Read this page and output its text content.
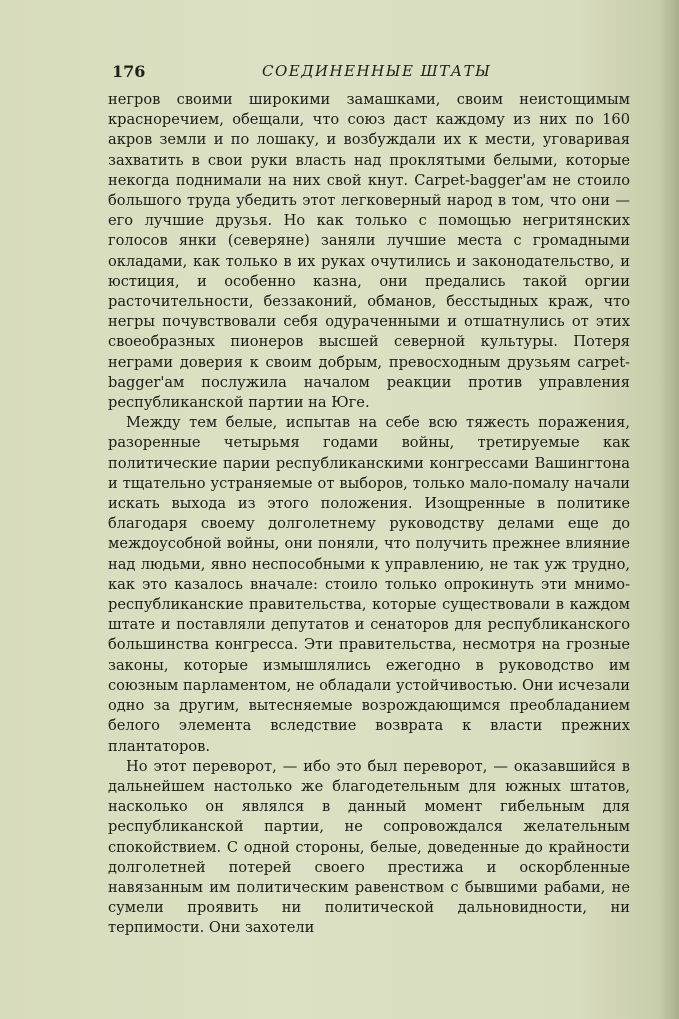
176	СОЕДИНЕННЫЕ ШТАТЫ

негров своими широкими замашками, своим неистощимым красноречием, обещали, что союз даст каждому из них по 160 акров земли и по лошаку, и возбуждали их к мести, уговаривая захватить в свои руки власть над проклятыми белыми, которые некогда поднимали на них свой кнут. Carpet-bagger'ам не стоило большого труда убедить этот легковерный народ в том, что они — его лучшие друзья. Но как только с помощью негритянских голосов янки (северяне) заняли лучшие места с громадными окладами, как только в их руках очутились и законодательство, и юстиция, и особенно казна, они предались такой оргии расточительности, беззаконий, обманов, бесстыдных краж, что негры почувствовали себя одураченными и отшатнулись от этих своеобразных пионеров высшей северной культуры. Потеря неграми доверия к своим добрым, превосходным друзьям carpet-bagger'ам послужила началом реакции против управления республиканской партии на Юге.

Между тем белые, испытав на себе всю тяжесть поражения, разоренные четырьмя годами войны, третируемые как политические парии республиканскими конгрессами Вашингтона и тщательно устраняемые от выборов, только мало-помалу начали искать выхода из этого положения. Изощренные в политике благодаря своему долголетнему руководству делами еще до междоусобной войны, они поняли, что получить прежнее влияние над людьми, явно неспособными к управлению, не так уж трудно, как это казалось вначале: стоило только опрокинуть эти мнимо-республиканские правительства, которые существовали в каждом штате и поставляли депутатов и сенаторов для республиканского большинства конгресса. Эти правительства, несмотря на грозные законы, которые измышлялись ежегодно в руководство им союзным парламентом, не обладали устойчивостью. Они исчезали одно за другим, вытесняемые возрождающимся преобладанием белого элемента вследствие возврата к власти прежних плантаторов.

Но этот переворот, — ибо это был переворот, — оказавшийся в дальнейшем настолько же благодетельным для южных штатов, насколько он являлся в данный момент гибельным для республиканской партии, не сопровождался желательным спокойствием. С одной стороны, белые, доведенные до крайности долголетней потерей своего престижа и оскорбленные навязанным им политическим равенством с бывшими рабами, не сумели проявить ни политической дальновидности, ни терпимости. Они захотели
